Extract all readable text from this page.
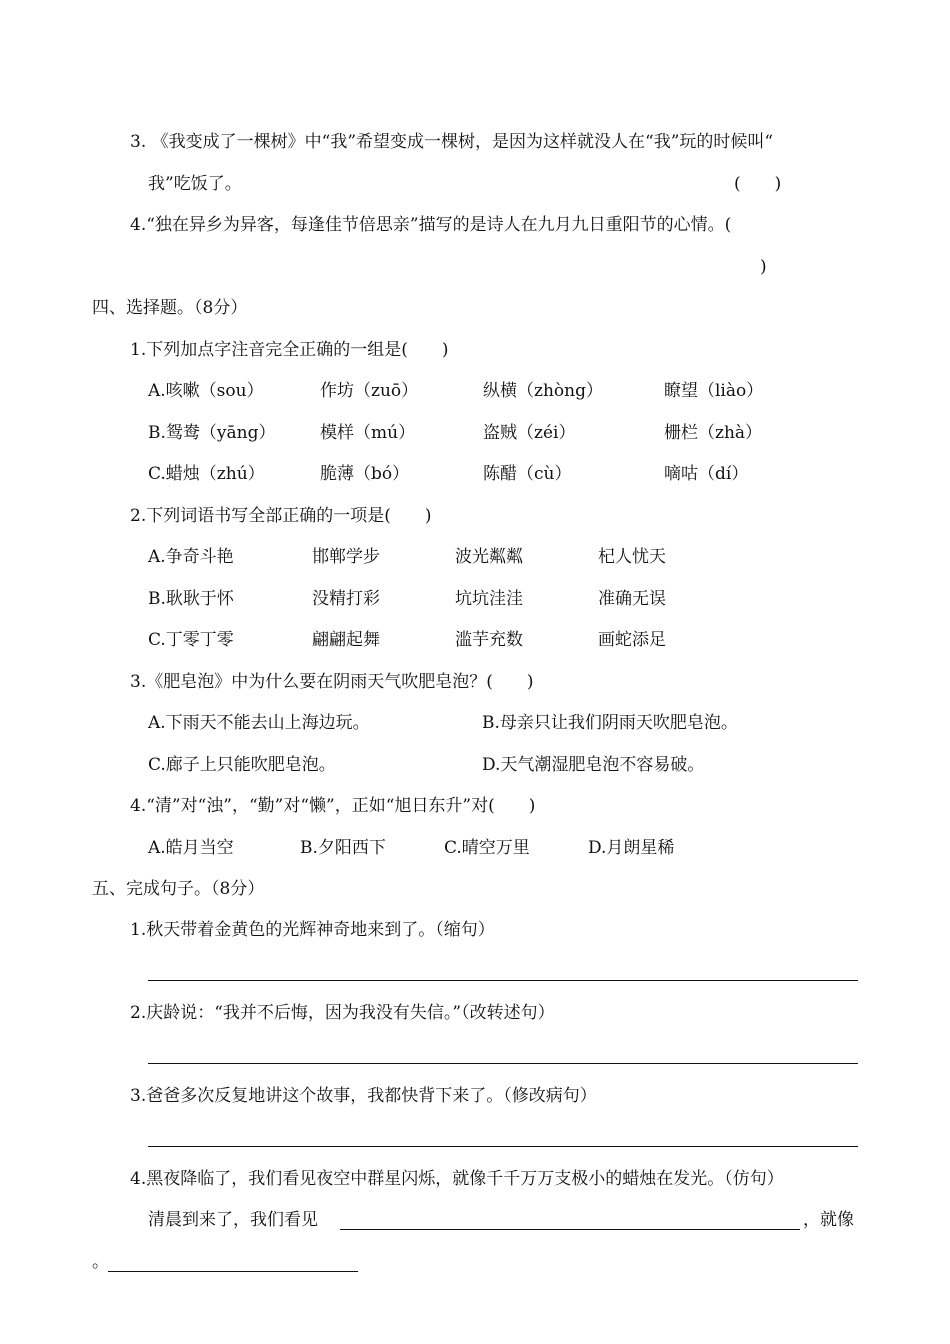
3. 《我变成了一棵树》中“我”希望变成一棵树，是因为这样就没人在“我”玩的时候叫“
我”吃饭了。	(　　)
4.“独在异乡为异客，每逢佳节倍思亲”描写的是诗人在九月九日重阳节的心情。(
)
四、选择题。（8分）
1.下列加点字注音完全正确的一组是(　　)
A.咳嗽（sou）	作坊（zuō）	纵横（zhòng）	瞭望（liào）
B.鸳鸯（yāng）	模样（mú）	盗贼（zéi）	栅栏（zhà）
C.蜡烛（zhú）	脆薄（bó）	陈醋（cù）	嘀咕（dí）
2.下列词语书写全部正确的一项是(　　)
A.争奇斗艳	邯郸学步	波光粼粼	杞人忧天
B.耿耿于怀	没精打彩	坑坑洼洼	准确无误
C.丁零丁零	翩翩起舞	滥芋充数	画蛇添足
3.《肥皂泡》中为什么要在阴雨天气吹肥皂泡？(　　)
A.下雨天不能去山上海边玩。	B.母亲只让我们阴雨天吹肥皂泡。
C.廊子上只能吹肥皂泡。	D.天气潮湿肥皂泡不容易破。
4.“清”对“浊”，“勤”对“懒”，正如“旭日东升”对(　　)
A.皓月当空	B.夕阳西下	C.晴空万里	D.月朗星稀
五、完成句子。（8分）
1.秋天带着金黄色的光辉神奇地来到了。（缩句）
2.庆龄说：“我并不后悔，因为我没有失信。”（改转述句）
3.爸爸多次反复地讲这个故事，我都快背下来了。（修改病句）
4.黑夜降临了，我们看见夜空中群星闪烁，就像千千万万支极小的蜡烛在发光。（仿句）
清晨到来了，我们看见	，就像
。
